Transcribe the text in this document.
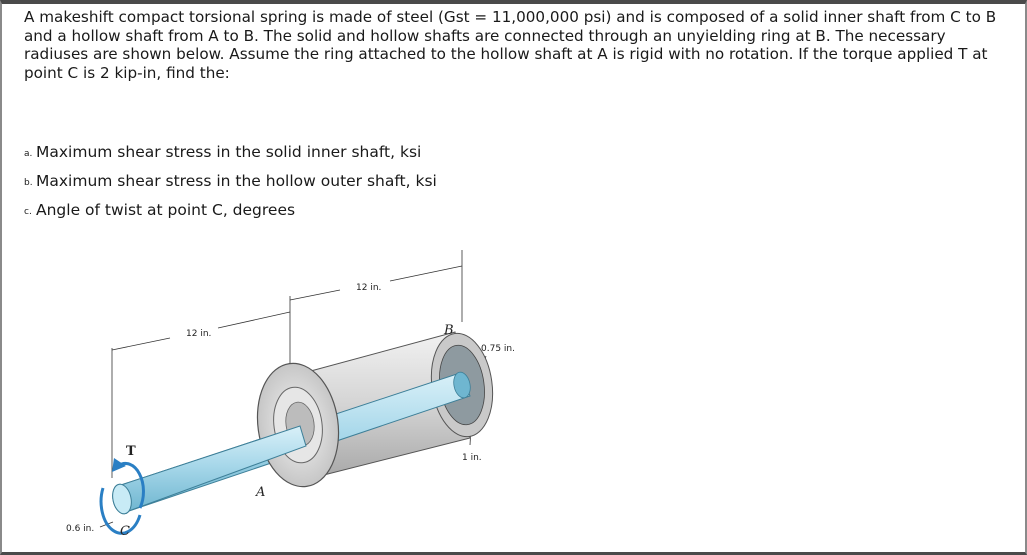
A makeshift compact torsional spring is made of steel (Gst = 11,000,000 psi) and is composed of a solid inner shaft from C to B and a hollow shaft from A to B. The solid and hollow shafts are connected through an unyielding ring at B. The necessary radiuses are shown below. Assume the ring attached to the hollow shaft at A is rigid with no rotation. If the torque applied T at point C is 2 kip-in, find the:

a. Maximum shear stress in the solid inner shaft, ksi
b. Maximum shear stress in the hollow outer shaft, ksi
c. Angle of twist at point C, degrees
12 in.
12 in.
0.75 in.
1 in.
0.6 in.
T
A
B
C
